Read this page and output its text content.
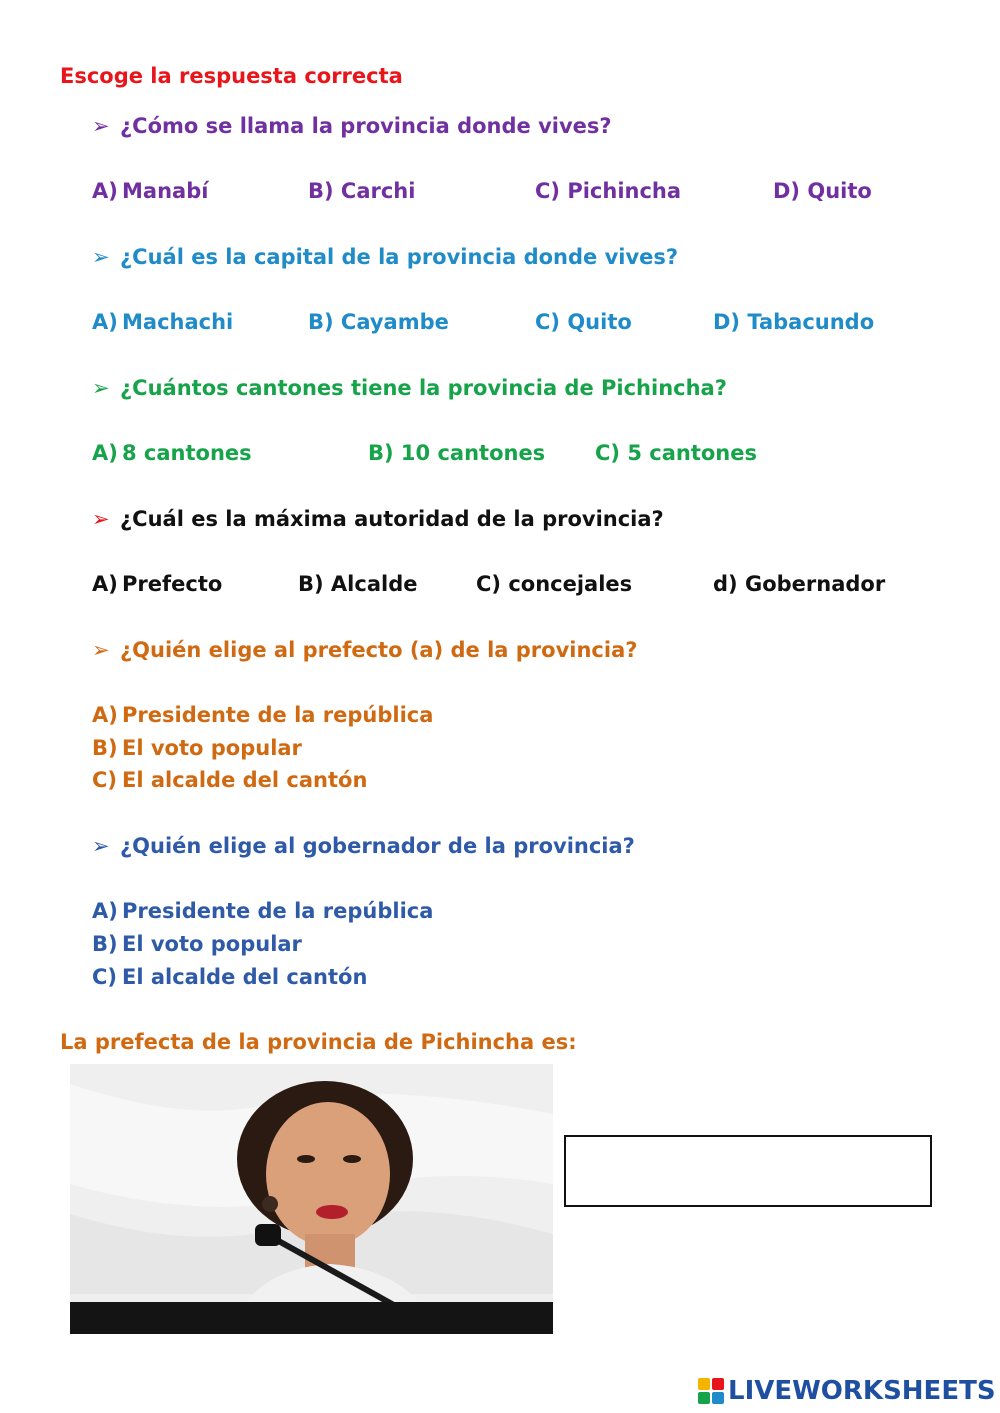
Escoge la respuesta correcta
➢ ¿Cómo se llama la provincia donde vives?
A) Manabí	B) Carchi	C) Pichincha	D) Quito
➢ ¿Cuál es la capital de la provincia donde vives?
A) Machachi	B) Cayambe	C) Quito	D) Tabacundo
➢ ¿Cuántos cantones tiene la provincia de Pichincha?
A) 8 cantones	B) 10 cantones C) 5 cantones
➢ ¿Cuál es la máxima autoridad de la provincia?
A) Prefecto	B) Alcalde	C) concejales	d) Gobernador
➢ ¿Quién elige al prefecto (a) de la provincia?
A) Presidente de la república
B) El voto popular
C) El alcalde del cantón
➢ ¿Quién elige al gobernador de la provincia?
A) Presidente de la república
B) El voto popular
C) El alcalde del cantón
La prefecta de la provincia de Pichincha es:
LIVEWORKSHEETS
